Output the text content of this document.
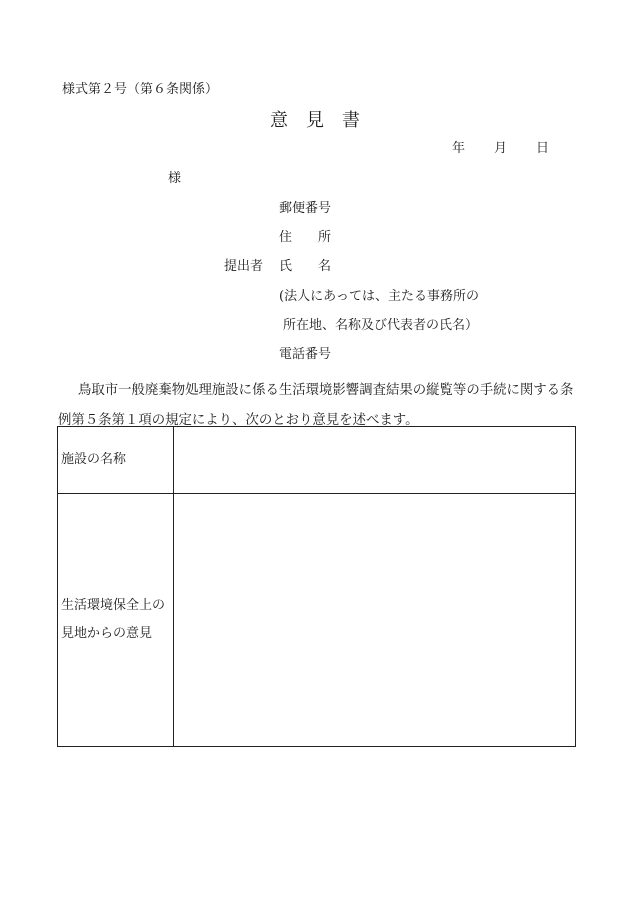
様式第２号（第６条関係）
意　見　書
年 月 日
様
郵便番号
住　　所
提出者 氏　　名
(法人にあっては、主たる事務所の
所在地、名称及び代表者の氏名）
電話番号
鳥取市一般廃棄物処理施設に係る生活環境影響調査結果の縦覧等の手続に関する条例第５条第１項の規定により、次のとおり意見を述べます。
施設の名称	

生活環境保全上の
見地からの意見	
